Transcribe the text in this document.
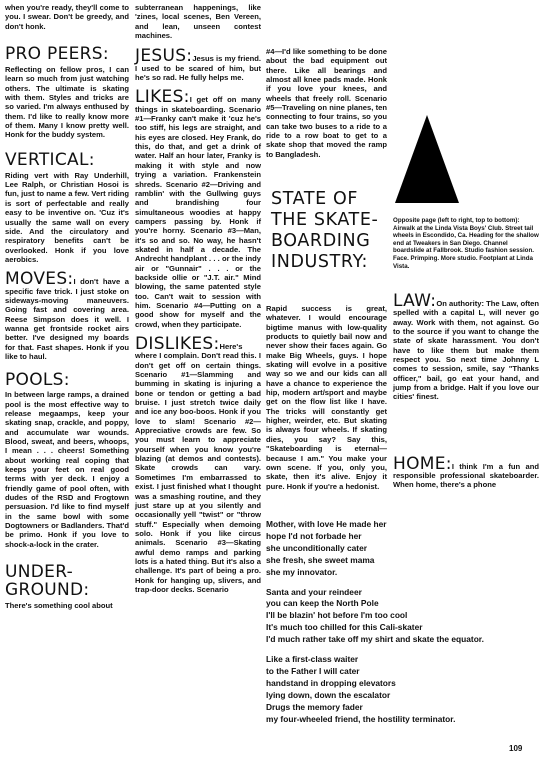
when you're ready, they'll come to you. I swear. Don't be greedy, and don't honk.

PRO PEERS:

Reflecting on fellow pros, I can learn so much from just watching others. The ultimate is skating with them. Styles and tricks are so varied. I'm always enthused by them. I'd like to really know more of them. Many I know pretty well. Honk for the buddy system.

VERTICAL:

Riding vert with Ray Underhill, Lee Ralph, or Christian Hosoi is fun, just to name a few. Vert riding is sort of perfectable and really easy to be inventive on. 'Cuz it's usually the same wall on every side. And the circulatory and respiratory benefits can't be overlooked. Honk if you love aerobics.

MOVES:I don't have a specific fave trick. I just stoke on sideways-moving maneuvers. Going fast and covering area. Reese Simpson does it well. I wanna get frontside rocket airs better. I've designed my boards for that. Fast shapes. Honk if you like to haul.

POOLS:

In between large ramps, a drained pool is the most effective way to release megaamps, keep your skating snap, crackle, and poppy, and accumulate war wounds. Blood, sweat, and beers, whoops, I mean . . . cheers! Something about working real coping that keeps your feet on real good terms with yer deck. I enjoy a friendly game of pool often, with dudes of the RSD and Frogtown persuasion. I'd like to find myself in the same bowl with some Dogtowners or Badlanders. That'd be primo. Honk if you love to shock-a-lock in the crater.

UNDER-GROUND:

There's something cool about

subterranean happenings, like 'zines, local scenes, Ben Vereen, and lean, unseen contest machines.

JESUS:Jesus is my friend. I used to be scared of him, but he's so rad. He fully helps me.

LIKES:I get off on many things in skateboarding. Scenario #1—Franky can't make it 'cuz he's too stiff, his legs are straight, and his eyes are closed. Hey Frank, do this, do that, and get a drink of water. Half an hour later, Franky is making it with style and now trying a variation. Frankenstein shreds. Scenario #2—Driving and ramblin' with the Gullwing guys and brandishing four simultaneous woodies at happy campers passing by. Honk if you're horny. Scenario #3—Man, it's so and so. No way, he hasn't skated in half a decade. The Andrecht handplant . . . or the indy air or "Gunnair" . . . or the backside ollie or "J.T. air." Mind blowing, the same patented style too. Can't wait to session with him. Scenario #4—Putting on a good show for myself and the crowd, when they participate.

DISLIKES:Here's where I complain. Don't read this. I don't get off on certain things. Scenario #1—Slamming and bumming in skating is injuring a bone or tendon or getting a bad bruise. I just stretch twice daily and ice any boo-boos. Honk if you love to slam! Scenario #2—Appreciative crowds are few. So you must learn to appreciate yourself when you know you're blazing (at demos and contests). Skate crowds can vary. Sometimes I'm embarrassed to exist. I just finished what I thought was a smashing routine, and they just stare up at you silently and occasionally yell "twist" or "throw stuff." Especially when demoing solo. Honk if you like circus animals. Scenario #3—Skating awful demo ramps and parking lots is a hated thing. But it's also a challenge. It's part of being a pro. Honk for hanging up, slivers, and trap-door decks. Scenario

#4—I'd like something to be done about the bad equipment out there. Like all bearings and almost all knee pads made. Honk if you love your knees, and wheels that freely roll. Scenario #5—Traveling on nine planes, ten connecting to four trains, so you can take two buses to a ride to a ride to a row boat to get to a skate shop that moved the ramp to Bangladesh.

STATE OF THE SKATE-BOARDING INDUSTRY:

Rapid success is great, whatever. I would encourage bigtime manus with low-quality products to quietly bail now and never show their faces again. Go make Big Wheels, guys. I hope skating will evolve in a positive way so we and our kids can all have a chance to experience the hip, modern art/sport and maybe get on the flow list like I have. The tricks will constantly get higher, weirder, etc. But skating is always four wheels. If skating dies, you say? Say this, "Skateboarding is eternal—because I am." You make your own scene. If you, only you, skate, then it's alive. Enjoy it pure. Honk if you're a hedonist.

Opposite page (left to right, top to bottom): Airwalk at the Linda Vista Boys' Club. Street tail wheels in Escondido, Ca. Heading for the shallow end at Tweakers in San Diego. Channel boardslide at Fallbrook. Studio fashion session. Face. Primping. More studio. Footplant at Linda Vista.

LAW:On authority: The Law, often spelled with a capital L, will never go away. Work with them, not against. Go to the source if you want to change the state of skate harassment. You don't have to like them but make them respect you. So next time Johnny L comes to session, smile, say "Thanks officer," bail, go eat your hand, and jump from a bridge. Halt if you love our cities' finest.

HOME:I think I'm a fun and responsible professional skateboarder. When home, there's a phone

Mother, with love He made her
hope I'd not forbade her
she unconditionally cater
she fresh, she sweet mama
she my innovator.
Santa and your reindeer
you can keep the North Pole
I'll be blazin' hot before I'm too cool
It's much too chilled for this Cali-skater
I'd much rather take off my shirt and skate the equator.
Like a first-class waiter
to the Father I will cater
handstand in dropping elevators
lying down, down the escalator
Drugs the memory fader
my four-wheeled friend, the hostility terminator.
109
